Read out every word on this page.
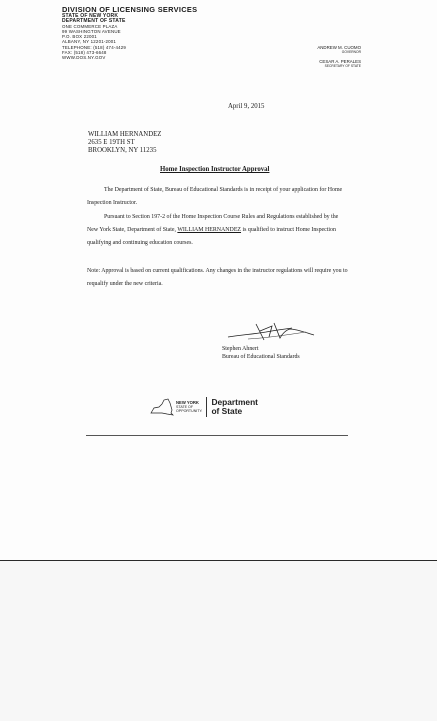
DIVISION OF LICENSING SERVICES
STATE OF NEW YORK
DEPARTMENT OF STATE
ONE COMMERCE PLAZA
99 WASHINGTON AVENUE
P.O. BOX 22001
ALBANY, NY 12201-2001
TELEPHONE: (518) 474-4429
FAX: (518) 473-6648
WWW.DOS.NY.GOV
ANDREW M. CUOMO
GOVERNOR
CESAR A. PERALES
SECRETARY OF STATE
April 9, 2015
WILLIAM HERNANDEZ
2635 E 19TH ST
BROOKLYN, NY 11235
Home Inspection Instructor Approval
The Department of State, Bureau of Educational Standards is in receipt of your application for Home Inspection Instructor.
Pursuant to Section 197-2 of the Home Inspection Course Rules and Regulations established by the New York State, Department of State, WILLIAM HERNANDEZ is qualified to instruct Home Inspection qualifying and continuing education courses.
Note: Approval is based on current qualifications. Any changes in the instructor regulations will require you to requalify under the new criteria.
Stephen Ahnert
Bureau of Educational Standards
NEW YORK
STATE OF
OPPORTUNITY.
Department
of State
